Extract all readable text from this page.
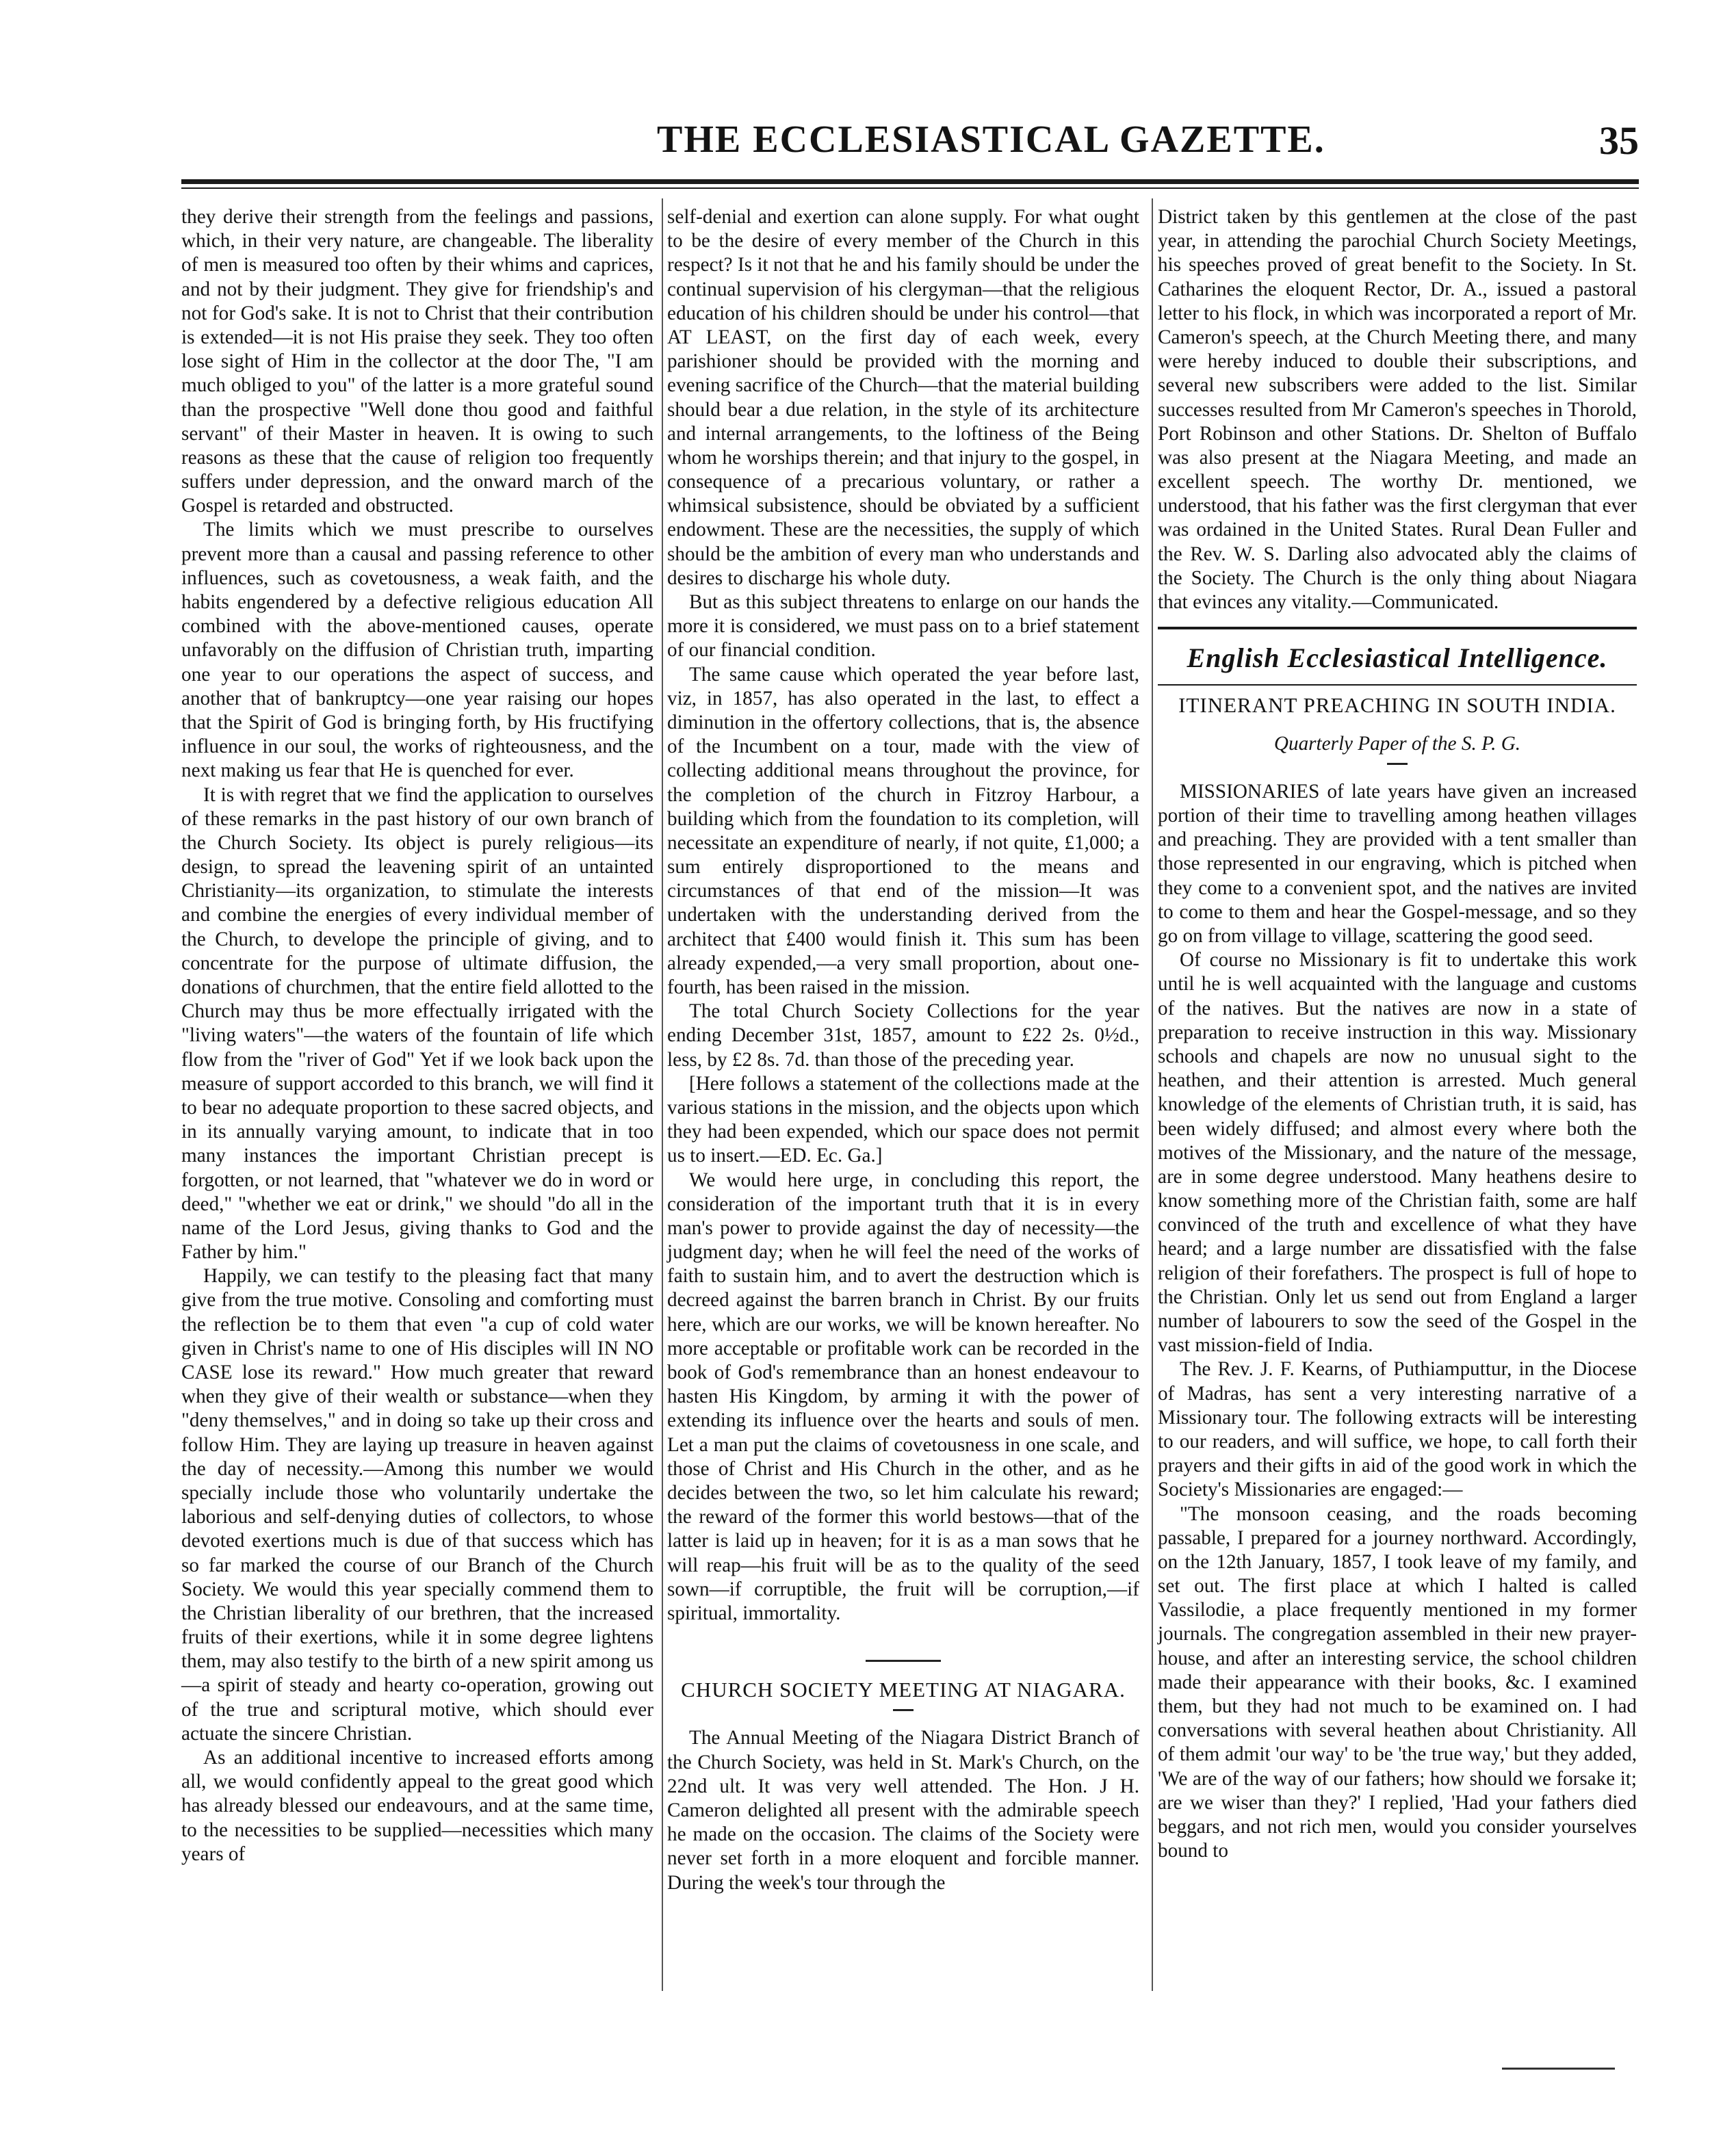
THE ECCLESIASTICAL GAZETTE.	35

they derive their strength from the feelings and passions, which, in their very nature, are changeable. The liberality of men is measured too often by their whims and caprices, and not by their judgment. They give for friendship's and not for God's sake. It is not to Christ that their contribution is extended—it is not His praise they seek. They too often lose sight of Him in the collector at the door The, "I am much obliged to you" of the latter is a more grateful sound than the prospective "Well done thou good and faithful servant" of their Master in heaven. It is owing to such reasons as these that the cause of religion too frequently suffers under depression, and the onward march of the Gospel is retarded and obstructed.

The limits which we must prescribe to ourselves prevent more than a causal and passing reference to other influences, such as covetousness, a weak faith, and the habits engendered by a defective religious education All combined with the above-mentioned causes, operate unfavorably on the diffusion of Christian truth, imparting one year to our operations the aspect of success, and another that of bankruptcy—one year raising our hopes that the Spirit of God is bringing forth, by His fructifying influence in our soul, the works of righteousness, and the next making us fear that He is quenched for ever.

It is with regret that we find the application to ourselves of these remarks in the past history of our own branch of the Church Society. Its object is purely religious—its design, to spread the leavening spirit of an untainted Christianity—its organization, to stimulate the interests and combine the energies of every individual member of the Church, to develope the principle of giving, and to concentrate for the purpose of ultimate diffusion, the donations of churchmen, that the entire field allotted to the Church may thus be more effectually irrigated with the "living waters"—the waters of the fountain of life which flow from the "river of God" Yet if we look back upon the measure of support accorded to this branch, we will find it to bear no adequate proportion to these sacred objects, and in its annually varying amount, to indicate that in too many instances the important Christian precept is forgotten, or not learned, that "whatever we do in word or deed," "whether we eat or drink," we should "do all in the name of the Lord Jesus, giving thanks to God and the Father by him."

Happily, we can testify to the pleasing fact that many give from the true motive. Consoling and comforting must the reflection be to them that even "a cup of cold water given in Christ's name to one of His disciples will IN NO CASE lose its reward." How much greater that reward when they give of their wealth or substance—when they "deny themselves," and in doing so take up their cross and follow Him. They are laying up treasure in heaven against the day of necessity.—Among this number we would specially include those who voluntarily undertake the laborious and self-denying duties of collectors, to whose devoted exertions much is due of that success which has so far marked the course of our Branch of the Church Society. We would this year specially commend them to the Christian liberality of our brethren, that the increased fruits of their exertions, while it in some degree lightens them, may also testify to the birth of a new spirit among us—a spirit of steady and hearty co-operation, growing out of the true and scriptural motive, which should ever actuate the sincere Christian.

As an additional incentive to increased efforts among all, we would confidently appeal to the great good which has already blessed our endeavours, and at the same time, to the necessities to be supplied—necessities which many years of

self-denial and exertion can alone supply. For what ought to be the desire of every member of the Church in this respect? Is it not that he and his family should be under the continual supervision of his clergyman—that the religious education of his children should be under his control—that AT LEAST, on the first day of each week, every parishioner should be provided with the morning and evening sacrifice of the Church—that the material building should bear a due relation, in the style of its architecture and internal arrangements, to the loftiness of the Being whom he worships therein; and that injury to the gospel, in consequence of a precarious voluntary, or rather a whimsical subsistence, should be obviated by a sufficient endowment. These are the necessities, the supply of which should be the ambition of every man who understands and desires to discharge his whole duty.

But as this subject threatens to enlarge on our hands the more it is considered, we must pass on to a brief statement of our financial condition.

The same cause which operated the year before last, viz, in 1857, has also operated in the last, to effect a diminution in the offertory collections, that is, the absence of the Incumbent on a tour, made with the view of collecting additional means throughout the province, for the completion of the church in Fitzroy Harbour, a building which from the foundation to its completion, will necessitate an expenditure of nearly, if not quite, £1,000; a sum entirely disproportioned to the means and circumstances of that end of the mission—It was undertaken with the understanding derived from the architect that £400 would finish it. This sum has been already expended,—a very small proportion, about one-fourth, has been raised in the mission.

The total Church Society Collections for the year ending December 31st, 1857, amount to £22 2s. 0½d., less, by £2 8s. 7d. than those of the preceding year.

[Here follows a statement of the collections made at the various stations in the mission, and the objects upon which they had been expended, which our space does not permit us to insert.—ED. Ec. Ga.]

We would here urge, in concluding this report, the consideration of the important truth that it is in every man's power to provide against the day of necessity—the judgment day; when he will feel the need of the works of faith to sustain him, and to avert the destruction which is decreed against the barren branch in Christ. By our fruits here, which are our works, we will be known hereafter. No more acceptable or profitable work can be recorded in the book of God's remembrance than an honest endeavour to hasten His Kingdom, by arming it with the power of extending its influence over the hearts and souls of men. Let a man put the claims of covetousness in one scale, and those of Christ and His Church in the other, and as he decides between the two, so let him calculate his reward; the reward of the former this world bestows—that of the latter is laid up in heaven; for it is as a man sows that he will reap—his fruit will be as to the quality of the seed sown—if corruptible, the fruit will be corruption,—if spiritual, immortality.

CHURCH SOCIETY MEETING AT NIAGARA.

The Annual Meeting of the Niagara District Branch of the Church Society, was held in St. Mark's Church, on the 22nd ult. It was very well attended. The Hon. J H. Cameron delighted all present with the admirable speech he made on the occasion. The claims of the Society were never set forth in a more eloquent and forcible manner. During the week's tour through the

District taken by this gentlemen at the close of the past year, in attending the parochial Church Society Meetings, his speeches proved of great benefit to the Society. In St. Catharines the eloquent Rector, Dr. A., issued a pastoral letter to his flock, in which was incorporated a report of Mr. Cameron's speech, at the Church Meeting there, and many were hereby induced to double their subscriptions, and several new subscribers were added to the list. Similar successes resulted from Mr Cameron's speeches in Thorold, Port Robinson and other Stations. Dr. Shelton of Buffalo was also present at the Niagara Meeting, and made an excellent speech. The worthy Dr. mentioned, we understood, that his father was the first clergyman that ever was ordained in the United States. Rural Dean Fuller and the Rev. W. S. Darling also advocated ably the claims of the Society. The Church is the only thing about Niagara that evinces any vitality.—Communicated.

English Ecclesiastical Intelligence.
ITINERANT PREACHING IN SOUTH INDIA.
Quarterly Paper of the S. P. G.

MISSIONARIES of late years have given an increased portion of their time to travelling among heathen villages and preaching. They are provided with a tent smaller than those represented in our engraving, which is pitched when they come to a convenient spot, and the natives are invited to come to them and hear the Gospel-message, and so they go on from village to village, scattering the good seed.

Of course no Missionary is fit to undertake this work until he is well acquainted with the language and customs of the natives. But the natives are now in a state of preparation to receive instruction in this way. Missionary schools and chapels are now no unusual sight to the heathen, and their attention is arrested. Much general knowledge of the elements of Christian truth, it is said, has been widely diffused; and almost every where both the motives of the Missionary, and the nature of the message, are in some degree understood. Many heathens desire to know something more of the Christian faith, some are half convinced of the truth and excellence of what they have heard; and a large number are dissatisfied with the false religion of their forefathers. The prospect is full of hope to the Christian. Only let us send out from England a larger number of labourers to sow the seed of the Gospel in the vast mission-field of India.

The Rev. J. F. Kearns, of Puthiamputtur, in the Diocese of Madras, has sent a very interesting narrative of a Missionary tour. The following extracts will be interesting to our readers, and will suffice, we hope, to call forth their prayers and their gifts in aid of the good work in which the Society's Missionaries are engaged:—

"The monsoon ceasing, and the roads becoming passable, I prepared for a journey northward. Accordingly, on the 12th January, 1857, I took leave of my family, and set out. The first place at which I halted is called Vassilodie, a place frequently mentioned in my former journals. The congregation assembled in their new prayer-house, and after an interesting service, the school children made their appearance with their books, &c. I examined them, but they had not much to be examined on. I had conversations with several heathen about Christianity. All of them admit 'our way' to be 'the true way,' but they added, 'We are of the way of our fathers; how should we forsake it; are we wiser than they?' I replied, 'Had your fathers died beggars, and not rich men, would you consider yourselves bound to
